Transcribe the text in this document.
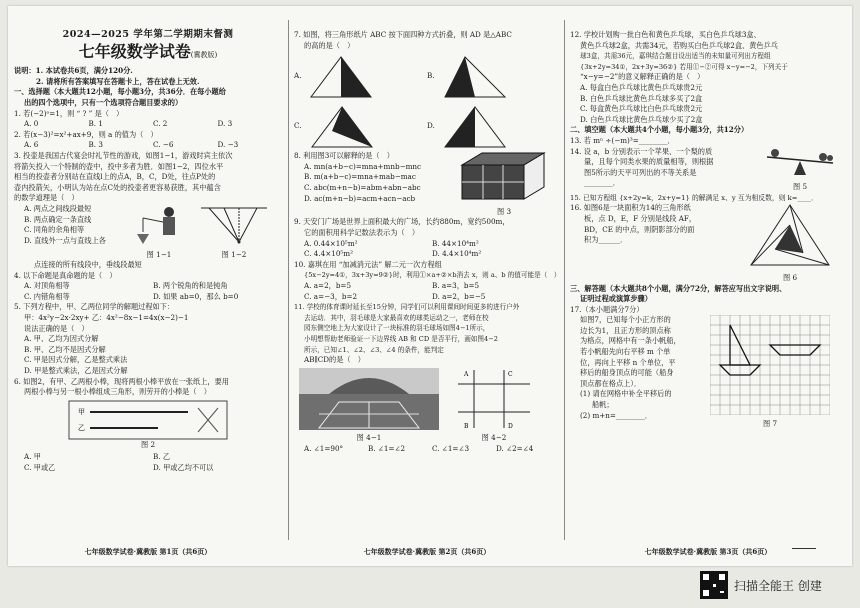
2024—2025 学年第二学期期末督测
七年级数学试卷(冀教版)

说明：1. 本试卷共6页，满分120分.

2. 请将所有答案填写在答题卡上，答在试卷上无效.

一、选择题（本大题共12小题，每小题3分，共36分．在每小题给

出的四个选项中，只有一个选项符合题目要求的）

1. 若(−2)ᵒ=1，则 “ ? ” 是（　）

A. 0	B. 1	C. 2	D. 3

2. 若(x−3)²=x²+ax+9，则 a 的值为（　）

A. 6	B. 3	C. −6	D. −3

3. 投壶是我国古代宴会时礼节性的游戏，如图1−1，游戏时宾主依次

将箭矢投入一个特制的壶中，投中多者为胜．如图1−2，四位水平

相当的投壶者分别站在直线l上的点A，B，C，D处，往点P处的

壶内投箭矢，小明认为站在点C处的投壶者更容易获胜，其中蕴含

的数学道理是（　）

A. 两点之间线段最短

B. 两点确定一条直线

C. 同角的余角相等

D. 直线外一点与直线上各

图 1−1	图 1−2

点连接的所有线段中，垂线段最短

4. 以下命题是真命题的是（　）

A. 对顶角相等	B. 两个锐角的和是钝角
C. 内错角相等	D. 如果 ab=0，那么 b=0

5. 下列方程中，甲、乙两位同学的解题过程如下：

甲：4x²y−2x·2xy+ 乙：4x²−8x−1=4x(x−2)−1

说法正确的是（　）

A. 甲、乙均为因式分解

B. 甲、乙均不是因式分解

C. 甲是因式分解，乙是整式乘法

D. 甲是整式乘法，乙是因式分解

6. 如图2，有甲、乙两根小棒，现将两根小棒平放在一张纸上，要用

两根小棒与另一根小棒组成三角形，则劳开的小棒是（　）

甲
乙
图 2
A. 甲	B. 乙
C. 甲或乙	D. 甲或乙均不可以
七年级数学试卷·冀教版 第1页（共6页）

7. 如图，将三角形纸片 ABC 按下面四种方式折叠，则 AD 是△ABC

的高的是（　）

A.	B.
C.	D.

8. 利用图3可以解释的是（　）

A. mn(a+b−c)=mna+mnb−mnc

B. m(a+b−c)=mna+mab−mac

C. abc(m+n−b)=abm+abn−abc

D. ac(m+n−b)=acm+acn−acb

图 3

9. 天安门广场是世界上面积最大的广场，长约880m，宽约500m，

它的面积用科学记数法表示为（　）

A. 0.44×10⁵m²	B. 44×10⁴m²
C. 4.4×10⁵m²	D. 4.4×10⁴m²

10. 嘉琪在用 “加减消元法” 解二元一次方程组

{5x−2y=4①，3x+3y=9②}时，利用①×a+②×b消去 x，则 a、b 的值可能是（　）

A. a=2，b=5	B. a=3，b=5
C. a=−3，b=2	D. a=2，b=−5

11. 学校的体育课时延长至15分钟，同学们可以利用课间时间更多的进行户外

去运动．其中，羽毛球是大家最喜欢的球类运动之一，老师在校

园东侧空地上为大家设计了一块标准的羽毛球场如图4−1所示，

小明想帮助老师验证一下边界线 AB 和 CD 是否平行，画如图4−2

所示，已知∠1、∠2、∠3、∠4 的条件，能判定

AB∥CD的是（　）

图 4−1
A	C
B	D
图 4−2
A. ∠1=90°	B. ∠1=∠2	C. ∠1=∠3	D. ∠2=∠4
七年级数学试卷·冀教版 第2页（共6页）

12. 学校计划购一批白色和黄色乒乓球，买白色乒乓球3盒、

黄色乒乓球2盒，共需34元，若购买白色乒乓球2盒、黄色乒乓

球3盒，共需36元，嘉琪结合题目设出适当的未知量可列出方程组

{3x+2y=34①，2x+3y=36②} 若用①−②可得 x−y=−2，下列关于

“x−y=−2”的意义解释正确的是（　）

A. 每盒白色乒乓球比黄色乒乓球贵2元

B. 白色乒乓球比黄色乒乓球多买了2盒

C. 每盒黄色乒乓球比白色乒乓球贵2元

D. 白色乒乓球比黄色乒乓球少买了2盒

二、填空题（本大题共4个小题，每小题3分，共12分）

13. 若 mⁿ ÷(−m)³=________．

14. 设 a，b 分别表示一个苹果、一个梨的质

量，且每个同类水果的质量相等，则根据

图5所示的天平可列出的不等关系是

________．	图 5

15. 已知方程组 {x+2y=k，2x+y=1} 的解满足 x、y 互为相反数，则 k=____．

16. 如图6是一块面积为14的三角形纸

板，点 D，E，F 分别是线段 AF，

BD，CE 的中点，则阴影部分的面

积为______．

图 6

三、解答题（本大题共8个小题，满分72分，解答应写出文字说明、

证明过程或演算步骤）

17.（本小题满分7分）

如图7，已知每个小正方形的

边长为1，且正方形的顶点称

为格点，网格中有一条小帆船，

若小帆船先向右平移 m 个单

位，再向上平移 n 个单位，平

移后的船身顶点的可能（船身

顶点都在格点上）．

(1) 请在网格中补全平移后的

船帆；

(2) m+n=________．

图 7
七年级数学试卷·冀教版 第3页（共6页）
扫描全能王 创建
